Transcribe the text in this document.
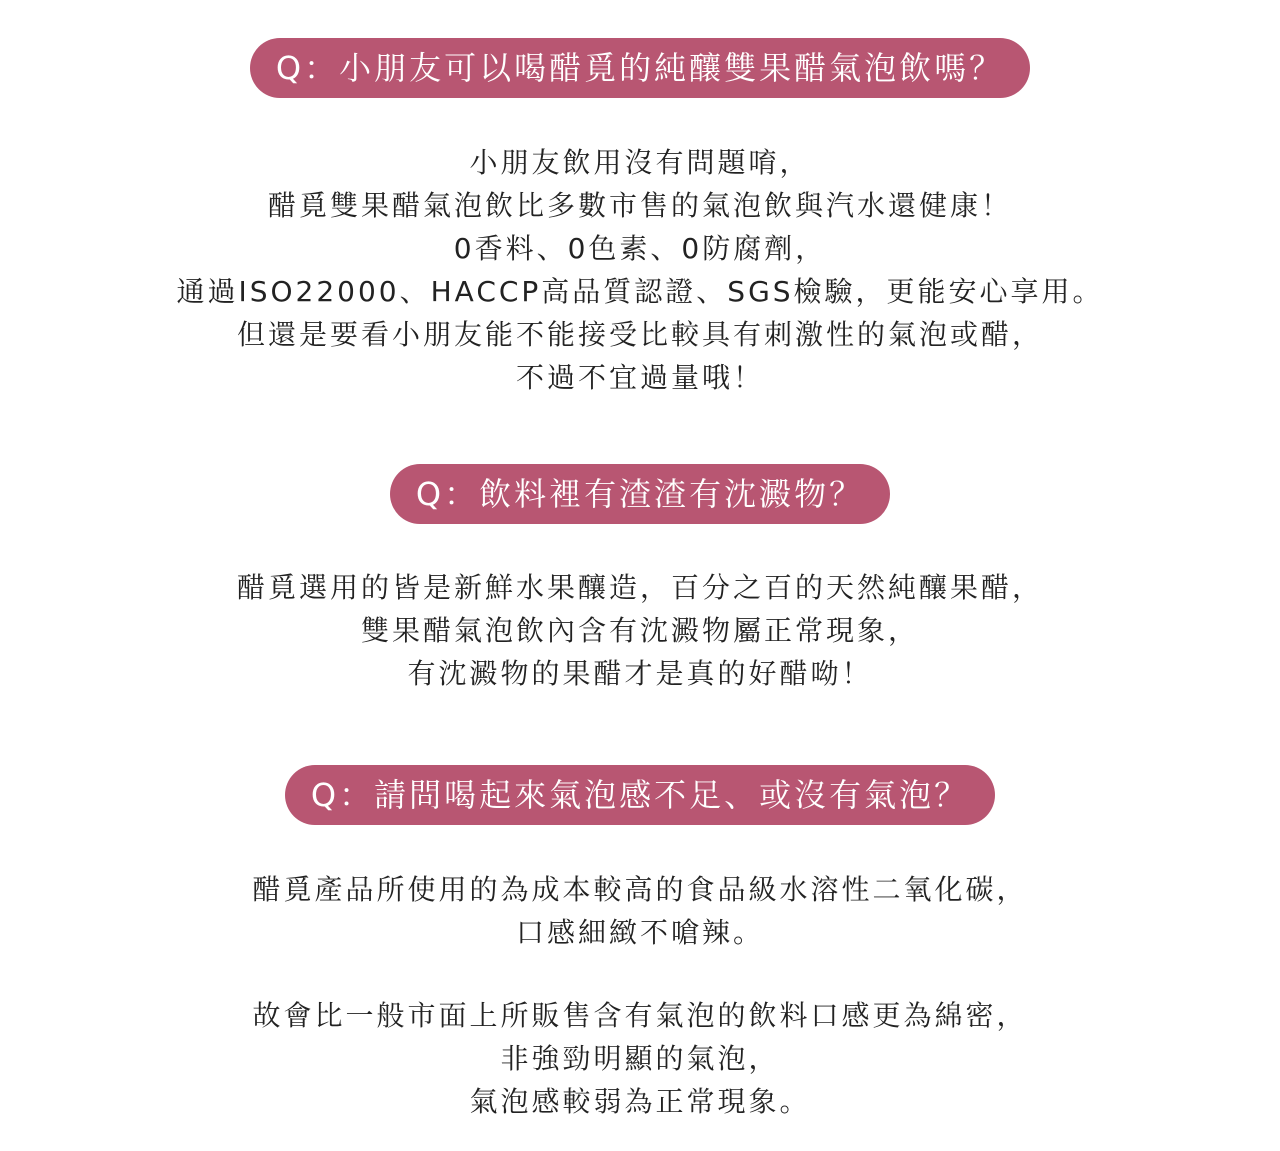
Q：小朋友可以喝醋覓的純釀雙果醋氣泡飲嗎？
小朋友飲用沒有問題唷，
醋覓雙果醋氣泡飲比多數市售的氣泡飲與汽水還健康！
0香料、0色素、0防腐劑，
通過ISO22000、HACCP高品質認證、SGS檢驗，更能安心享用。
但還是要看小朋友能不能接受比較具有刺激性的氣泡或醋，
不過不宜過量哦！
Q：飲料裡有渣渣有沈澱物？
醋覓選用的皆是新鮮水果釀造，百分之百的天然純釀果醋，
雙果醋氣泡飲內含有沈澱物屬正常現象，
有沈澱物的果醋才是真的好醋呦！
Q：請問喝起來氣泡感不足、或沒有氣泡？
醋覓產品所使用的為成本較高的食品級水溶性二氧化碳，
口感細緻不嗆辣。
故會比一般市面上所販售含有氣泡的飲料口感更為綿密，
非強勁明顯的氣泡，
氣泡感較弱為正常現象。
